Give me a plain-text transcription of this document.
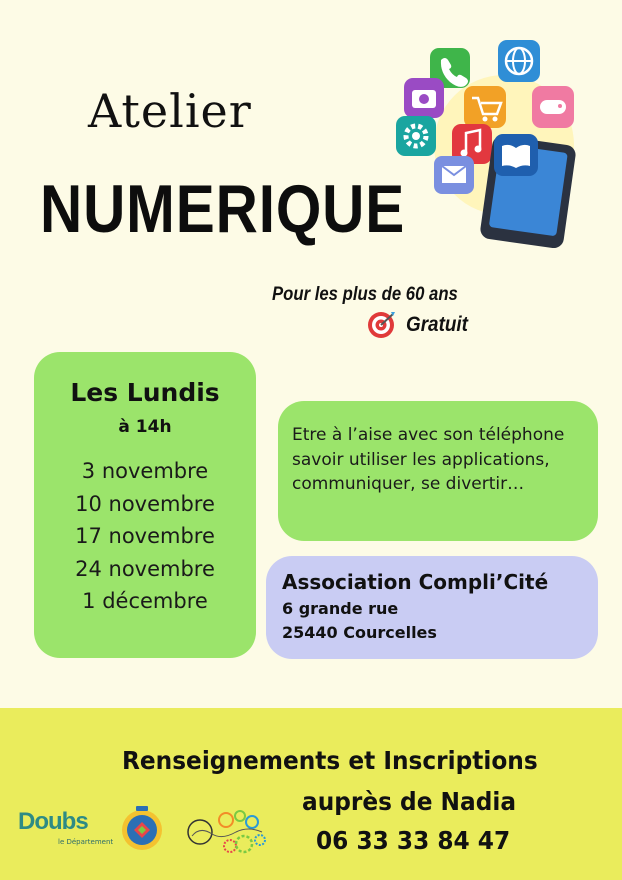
Atelier
NUMERIQUE
Pour les plus de 60 ans
Gratuit
Les Lundis
à 14h
3 novembre
10 novembre
17 novembre
24 novembre
1 décembre
Etre à l’aise avec son téléphone savoir utiliser les applications, communiquer, se divertir…
Association Compli’Cité
6 grande rue
25440 Courcelles
Renseignements et Inscriptions
auprès de Nadia
06 33 33 84 47
Doubs
le Département
